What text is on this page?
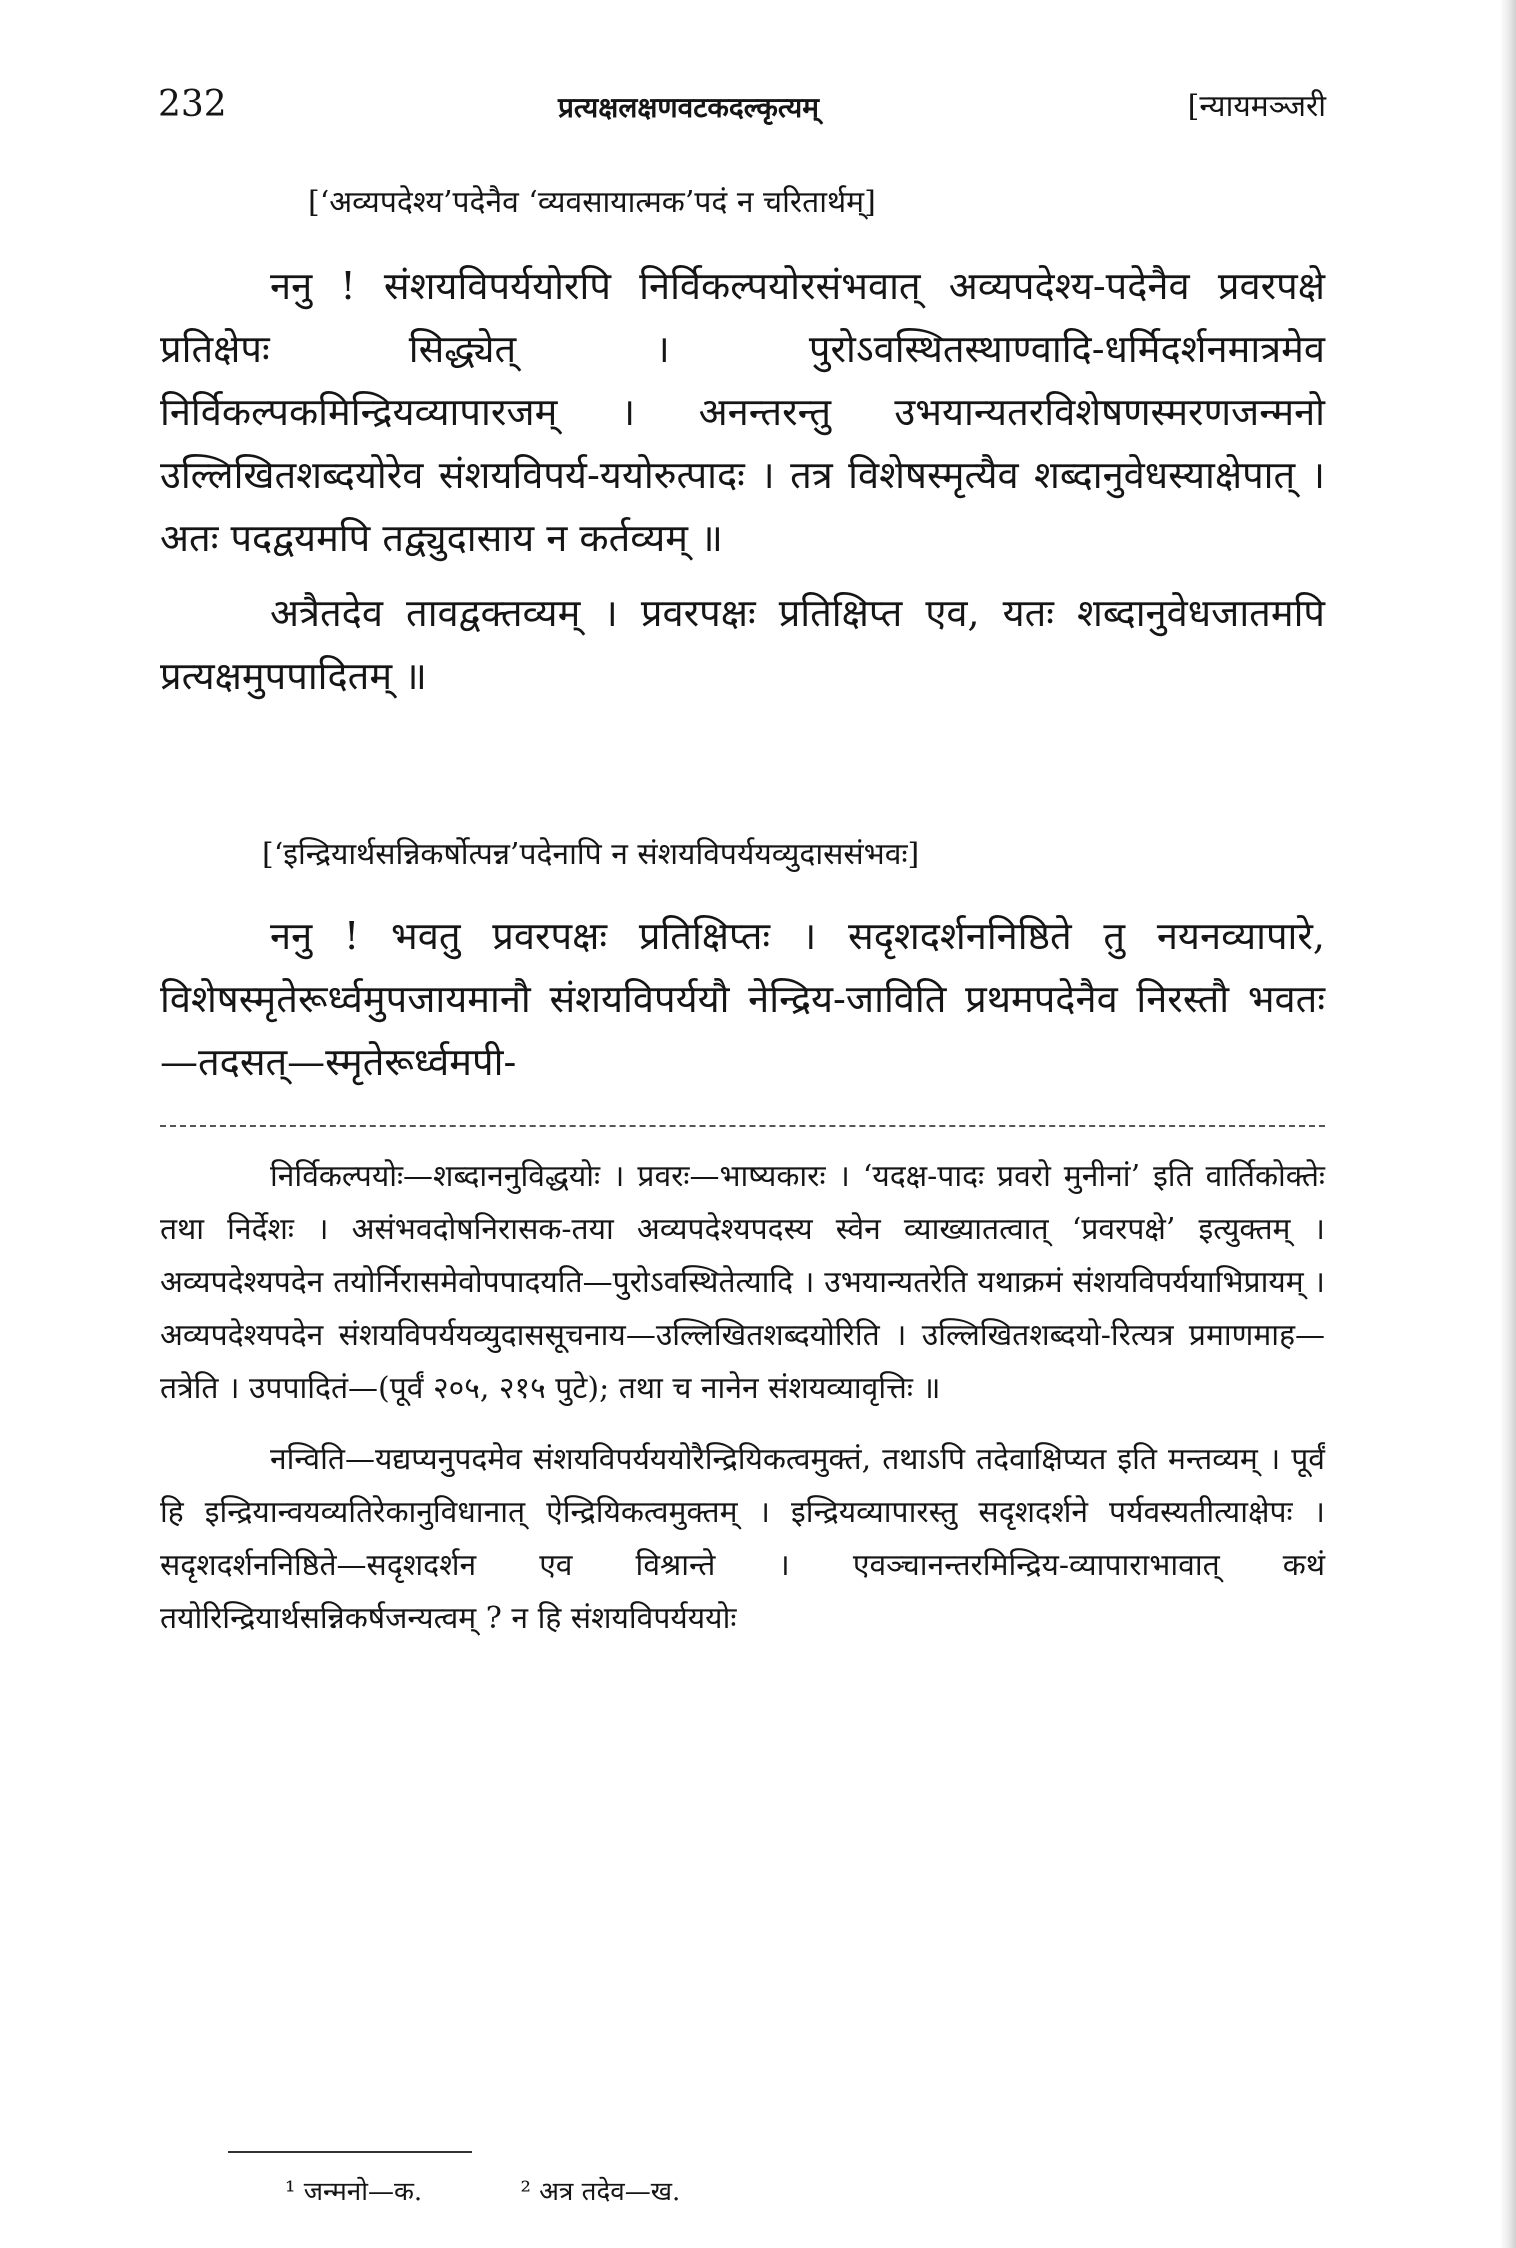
232	प्रत्यक्षलक्षणवटकदल्कृत्यम्	[न्यायमञ्जरी
[‘अव्यपदेश्य’पदेनैव ‘व्यवसायात्मक’पदं न चरितार्थम्]

ननु ! संशयविपर्ययोरपि निर्विकल्पयोरसंभवात् अव्यपदेश्य-पदेनैव प्रवरपक्षे प्रतिक्षेपः सिद्ध्येत् । पुरोऽवस्थितस्थाण्वादि-धर्मिदर्शनमात्रमेव निर्विकल्पकमिन्द्रियव्यापारजम् । अनन्तरन्तु उभयान्यतरविशेषणस्मरणजन्मनो उल्लिखितशब्दयोरेव संशयविपर्य-ययोरुत्पादः । तत्र विशेषस्मृत्यैव शब्दानुवेधस्याक्षेपात् । अतः पदद्वयमपि तद्व्युदासाय न कर्तव्यम् ॥

अत्रैतदेव तावद्वक्तव्यम् । प्रवरपक्षः प्रतिक्षिप्त एव, यतः शब्दानुवेधजातमपि प्रत्यक्षमुपपादितम् ॥

[‘इन्द्रियार्थसन्निकर्षोत्पन्न’पदेनापि न संशयविपर्ययव्युदाससंभवः]

ननु ! भवतु प्रवरपक्षः प्रतिक्षिप्तः । सदृशदर्शननिष्ठिते तु नयनव्यापारे, विशेषस्मृतेरूर्ध्वमुपजायमानौ संशयविपर्ययौ नेन्द्रिय-जाविति प्रथमपदेनैव निरस्तौ भवतः—तदसत्—स्मृतेरूर्ध्वमपी-

निर्विकल्पयोः—शब्दाननुविद्धयोः । प्रवरः—भाष्यकारः । ‘यदक्ष-पादः प्रवरो मुनीनां’ इति वार्तिकोक्तेः तथा निर्देशः । असंभवदोषनिरासक-तया अव्यपदेश्यपदस्य स्वेन व्याख्यातत्वात् ‘प्रवरपक्षे’ इत्युक्तम् । अव्यपदेश्यपदेन तयोर्निरासमेवोपपादयति—पुरोऽवस्थितेत्यादि । उभयान्यतरेति यथाक्रमं संशयविपर्ययाभिप्रायम् । अव्यपदेश्यपदेन संशयविपर्ययव्युदाससूचनाय—उल्लिखितशब्दयोरिति । उल्लिखितशब्दयो-रित्यत्र प्रमाणमाह—तत्रेति । उपपादितं—(पूर्वं २०५, २१५ पुटे); तथा च नानेन संशयव्यावृत्तिः ॥

नन्विति—यद्यप्यनुपदमेव संशयविपर्यययोरैन्द्रियिकत्वमुक्तं, तथाऽपि तदेवाक्षिप्यत इति मन्तव्यम् । पूर्वं हि इन्द्रियान्वयव्यतिरेकानुविधानात् ऐन्द्रियिकत्वमुक्तम् । इन्द्रियव्यापारस्तु सदृशदर्शने पर्यवस्यतीत्याक्षेपः । सदृशदर्शननिष्ठिते—सदृशदर्शन एव विश्रान्ते । एवञ्चानन्तरमिन्द्रिय-व्यापाराभावात् कथं तयोरिन्द्रियार्थसन्निकर्षजन्यत्वम् ? न हि संशयविपर्यययोः

¹ जन्मनो—क.	² अत्र तदेव—ख.
